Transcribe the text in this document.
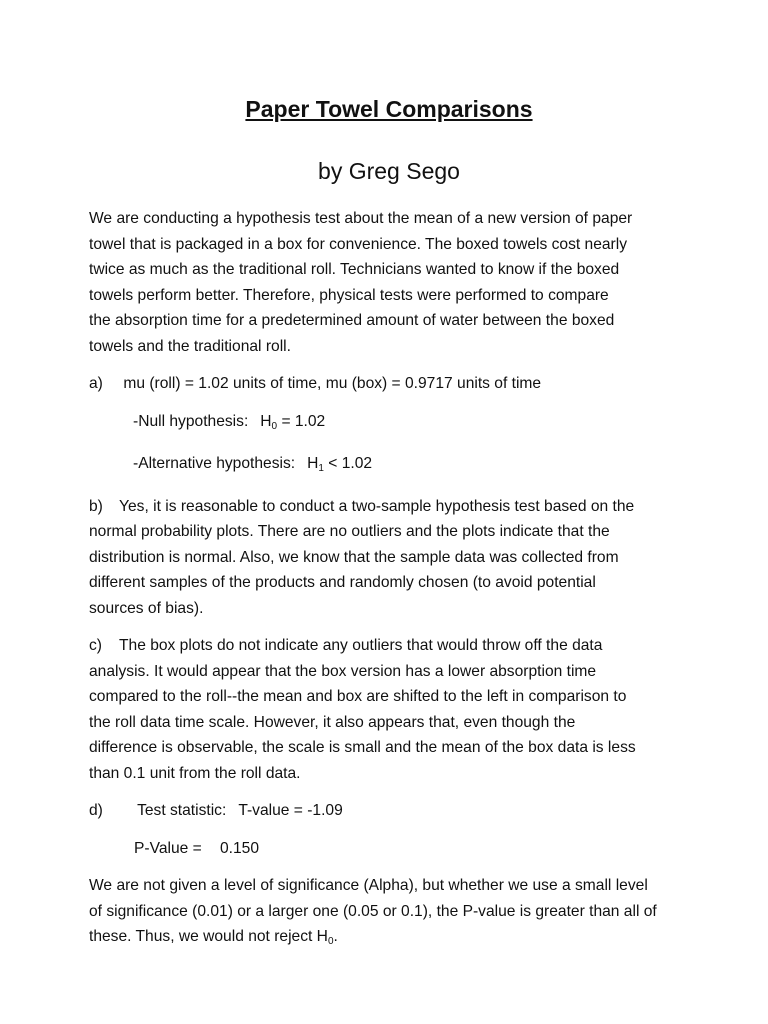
Paper Towel Comparisons
by Greg Sego
We are conducting a hypothesis test about the mean of a new version of paper
towel that is packaged in a box for convenience. The boxed towels cost nearly
twice as much as the traditional roll. Technicians wanted to know if the boxed
towels perform better. Therefore, physical tests were performed to compare
the absorption time for a predetermined amount of water between the boxed
towels and the traditional roll.
a) mu (roll) = 1.02 units of time, mu (box) = 0.9717 units of time
-Null hypothesis: $H_0 = 1.02$
-Alternative hypothesis: $H_1 < 1.02$
b) Yes, it is reasonable to conduct a two-sample hypothesis test based on the
normal probability plots. There are no outliers and the plots indicate that the
distribution is normal. Also, we know that the sample data was collected from
different samples of the products and randomly chosen (to avoid potential
sources of bias).
c) The box plots do not indicate any outliers that would throw off the data
analysis. It would appear that the box version has a lower absorption time
compared to the roll--the mean and box are shifted to the left in comparison to
the roll data time scale. However, it also appears that, even though the
difference is observable, the scale is small and the mean of the box data is less
than 0.1 unit from the roll data.
d) Test statistic: T-value = -1.09
P-Value = 0.150
We are not given a level of significance (Alpha), but whether we use a small level
of significance (0.01) or a larger one (0.05 or 0.1), the P-value is greater than all of
these. Thus, we would not reject $H_0$.
